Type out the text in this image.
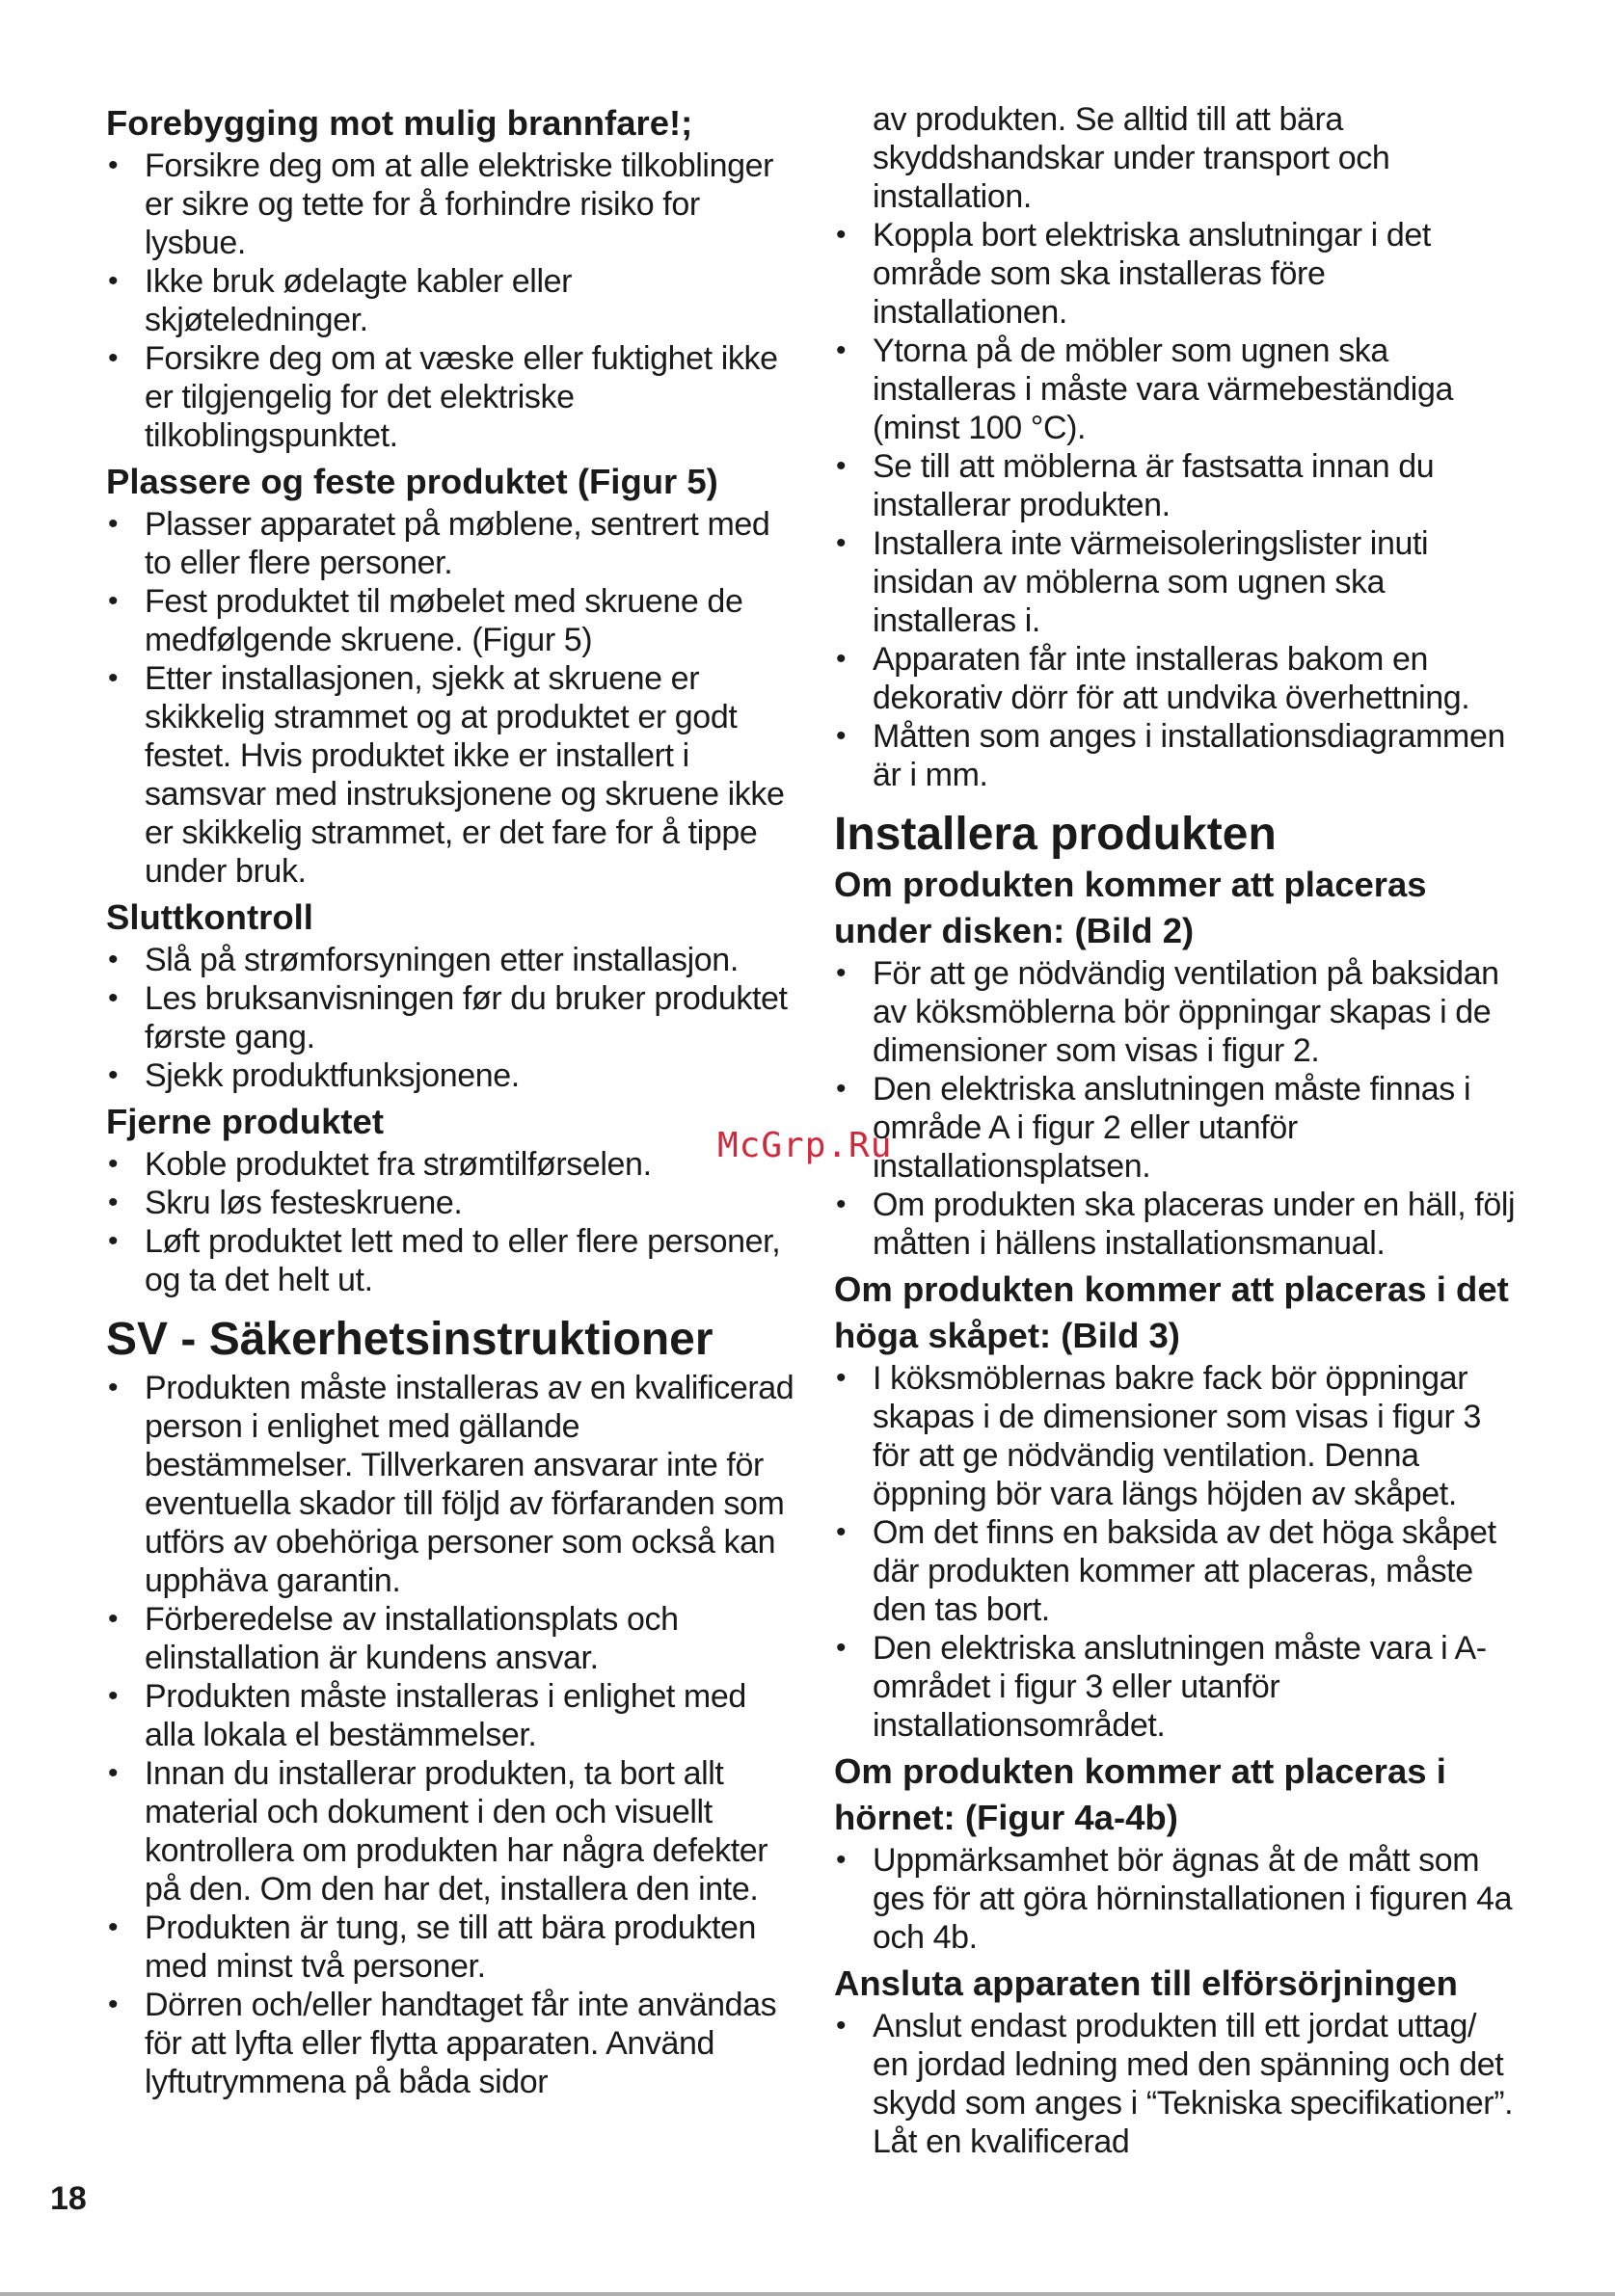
Forebygging mot mulig brannfare!;
• Forsikre deg om at alle elektriske tilkoblinger er sikre og tette for å forhindre risiko for lysbue.
• Ikke bruk ødelagte kabler eller skjøteledninger.
• Forsikre deg om at væske eller fuktighet ikke er tilgjengelig for det elektriske tilkoblingspunktet.
Plassere og feste produktet (Figur 5)
• Plasser apparatet på møblene, sentrert med to eller flere personer.
• Fest produktet til møbelet med skruene de medfølgende skruene. (Figur 5)
• Etter installasjonen, sjekk at skruene er skikkelig strammet og at produktet er godt festet. Hvis produktet ikke er installert i samsvar med instruksjonene og skruene ikke er skikkelig strammet, er det fare for å tippe under bruk.
Sluttkontroll
• Slå på strømforsyningen etter installasjon.
• Les bruksanvisningen før du bruker produktet første gang.
• Sjekk produktfunksjonene.
Fjerne produktet
• Koble produktet fra strømtilførselen.
• Skru løs festeskruene.
• Løft produktet lett med to eller flere personer, og ta det helt ut.
SV - Säkerhetsinstruktioner
• Produkten måste installeras av en kvalificerad person i enlighet med gällande bestämmelser. Tillverkaren ansvarar inte för eventuella skador till följd av förfaranden som utförs av obehöriga personer som också kan upphäva garantin.
• Förberedelse av installationsplats och elinstallation är kundens ansvar.
• Produkten måste installeras i enlighet med alla lokala el bestämmelser.
• Innan du installerar produkten, ta bort allt material och dokument i den och visuellt kontrollera om produkten har några defekter på den. Om den har det, installera den inte.
• Produkten är tung, se till att bära produkten med minst två personer.
• Dörren och/eller handtaget får inte användas för att lyfta eller flytta apparaten. Använd lyftutrymmena på båda sidor
av produkten. Se alltid till att bära skyddshandskar under transport och installation.
• Koppla bort elektriska anslutningar i det område som ska installeras före installationen.
• Ytorna på de möbler som ugnen ska installeras i måste vara värmebeständiga (minst 100 °C).
• Se till att möblerna är fastsatta innan du installerar produkten.
• Installera inte värmeisoleringslister inuti insidan av möblerna som ugnen ska installeras i.
• Apparaten får inte installeras bakom en dekorativ dörr för att undvika överhettning.
• Måtten som anges i installationsdiagrammen är i mm.
Installera produkten
Om produkten kommer att placeras under disken: (Bild 2)
• För att ge nödvändig ventilation på baksidan av köksmöblerna bör öppningar skapas i de dimensioner som visas i figur 2.
• Den elektriska anslutningen måste finnas i område A i figur 2 eller utanför installationsplatsen.
• Om produkten ska placeras under en häll, följ måtten i hällens installationsmanual.
Om produkten kommer att placeras i det höga skåpet: (Bild 3)
• I köksmöblernas bakre fack bör öppningar skapas i de dimensioner som visas i figur 3 för att ge nödvändig ventilation. Denna öppning bör vara längs höjden av skåpet.
• Om det finns en baksida av det höga skåpet där produkten kommer att placeras, måste den tas bort.
• Den elektriska anslutningen måste vara i A-området i figur 3 eller utanför installationsområdet.
Om produkten kommer att placeras i hörnet: (Figur 4a-4b)
• Uppmärksamhet bör ägnas åt de mått som ges för att göra hörninstallationen i figuren 4a och 4b.
Ansluta apparaten till elförsörjningen
• Anslut endast produkten till ett jordat uttag/ en jordad ledning med den spänning och det skydd som anges i “Tekniska specifikationer”. Låt en kvalificerad
McGrp.Ru
18
